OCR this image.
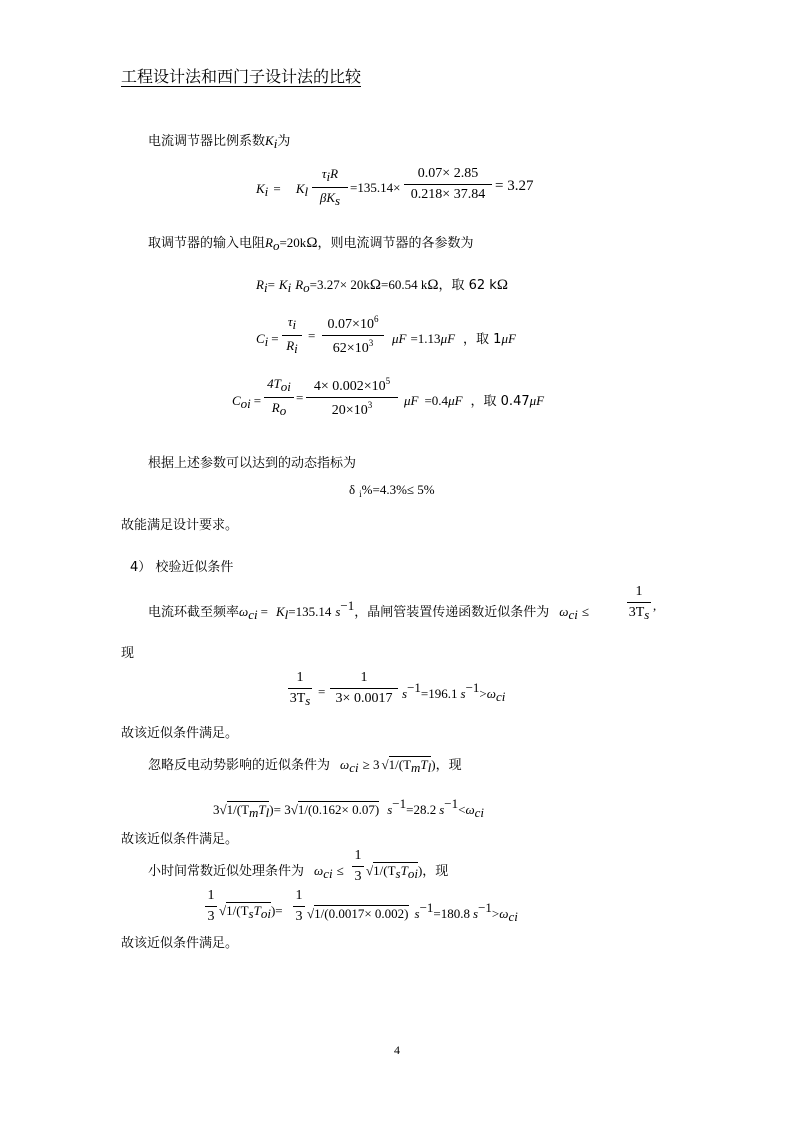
工程设计法和西门子设计法的比较
电流调节器比例系数$K_i$为
$K_i = K_l$
$\tau_iR$
$\beta K_s$
=135.14×
0.07× 2.85
0.218× 37.84
= 3.27
取调节器的输入电阻$R_o=20k\Omega$，则电流调节器的各参数为
$R_i= K_i$ $R_o=3.27\times 20k\Omega=60.54$ kΩ，取 62 kΩ
$C_i$ =
$\tau_i$
$R_i$
=
$0.07\times 10^6$
$62\times 10^3$	μF =1.13μF ，取 1μF
$C_{oi}$ =
$4T_{oi}$
$R_o$
=
$4\times 0.002\times 10^5$
$20\times 10^3$	μF =0.4μF ，取 0.47μF
根据上述参数可以达到的动态指标为
δ $_i$%=4.3%≤ 5%
故能满足设计要求。
4） 校验近似条件
电流环截至频率$\omega_{ci} = K_l=135.14$ $s^{-1}$，晶闸管装置传递函数近似条件为 $\omega_{ci}$ ≤
1
$3T_s$
,
现
1
$3T_s$
=
1
3× 0.0017 $s^{-1}=196.1$ $s^{-1}>\omega_{ci}$
故该近似条件满足。
忽略反电动势影响的近似条件为 $\omega_{ci} \ge 3$ $√1/(T_mT_l)$，现
$3√1/(T_mT_l)= 3√1/(0.162\times 0.07)$ $s^{-1}=28.2$ $s^{-1}<\omega_{ci}$
故该近似条件满足。
小时间常数近似处理条件为 $\omega_{ci}$ ≤
1
3 $√1/(T_sT_{oi})$，现
1
3 $√1/(T_sT_{oi})=$
1
3 √1/(0.0017× 0.002) $s^{-1}=180.8$ $s^{-1}>\omega_{ci}$
故该近似条件满足。
4
